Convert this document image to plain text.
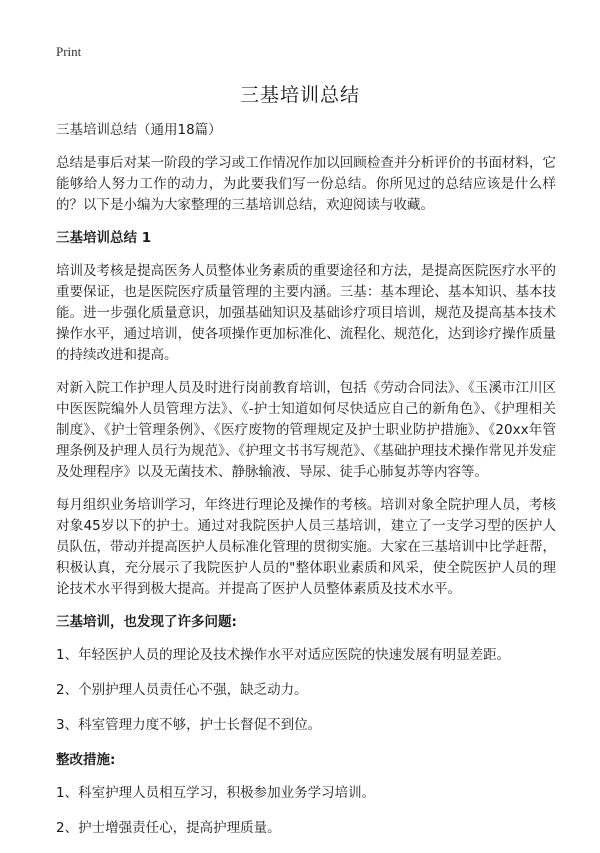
Print
三基培训总结

三基培训总结（通用18篇）

总结是事后对某一阶段的学习或工作情况作加以回顾检查并分析评价的书面材料，它能够给人努力工作的动力，为此要我们写一份总结。你所见过的总结应该是什么样的？以下是小编为大家整理的三基培训总结，欢迎阅读与收藏。

三基培训总结 1

培训及考核是提高医务人员整体业务素质的重要途径和方法，是提高医院医疗水平的重要保证，也是医院医疗质量管理的主要内涵。三基：基本理论、基本知识、基本技能。进一步强化质量意识，加强基础知识及基础诊疗项目培训，规范及提高基本技术操作水平，通过培训，使各项操作更加标准化、流程化、规范化，达到诊疗操作质量的持续改进和提高。

对新入院工作护理人员及时进行岗前教育培训，包括《劳动合同法》、《玉溪市江川区中医医院编外人员管理方法》、《-护士知道如何尽快适应自己的新角色》、《护理相关制度》、《护士管理条例》、《医疗废物的管理规定及护士职业防护措施》、《20xx年管理条例及护理人员行为规范》、《护理文书书写规范》、《基础护理技术操作常见并发症及处理程序》以及无菌技术、静脉输液、导尿、徒手心肺复苏等内容等。

每月组织业务培训学习，年终进行理论及操作的考核。培训对象全院护理人员，考核对象45岁以下的护士。通过对我院医护人员三基培训，建立了一支学习型的医护人员队伍，带动并提高医护人员标准化管理的贯彻实施。大家在三基培训中比学赶帮，积极认真，充分展示了我院医护人员的"整体职业素质和风采，使全院医护人员的理论技术水平得到极大提高。并提高了医护人员整体素质及技术水平。

三基培训，也发现了许多问题:

1、年轻医护人员的理论及技术操作水平对适应医院的快速发展有明显差距。

2、个别护理人员责任心不强，缺乏动力。

3、科室管理力度不够，护士长督促不到位。

整改措施:

1、科室护理人员相互学习，积极参加业务学习培训。

2、护士增强责任心，提高护理质量。
